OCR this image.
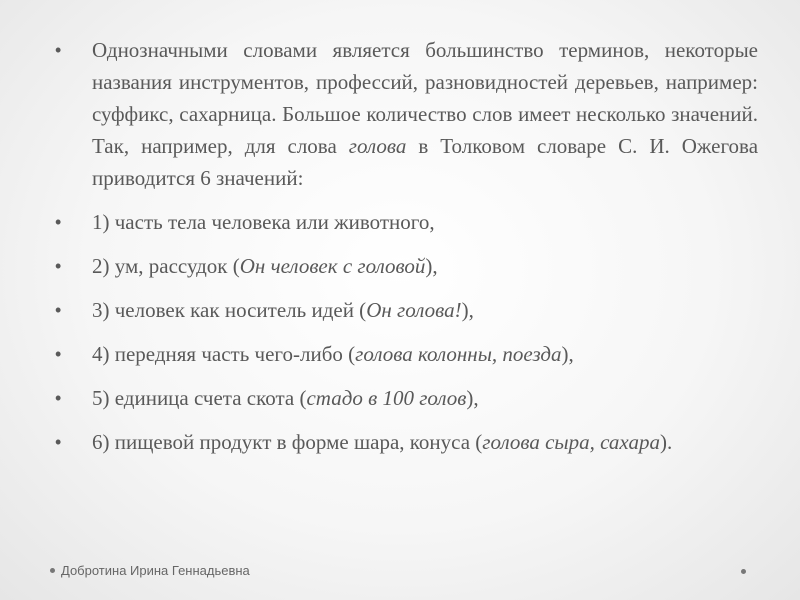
• Однозначными словами является большинство терминов, некоторые названия инструментов, профессий, разновидностей деревьев, например: суффикс, сахарница. Большое количество слов имеет несколько значений. Так, например, для слова голова в Толковом словаре С. И. Ожегова приводится 6 значений:
• 1) часть тела человека или животного,
• 2) ум, рассудок (Он человек с головой),
• 3) человек как носитель идей (Он голова!),
• 4) передняя часть чего-либо (голова колонны, поезда),
• 5) единица счета скота (стадо в 100 голов),
• 6) пищевой продукт в форме шара, конуса (голова сыра, сахара).
Добротина Ирина Геннадьевна
